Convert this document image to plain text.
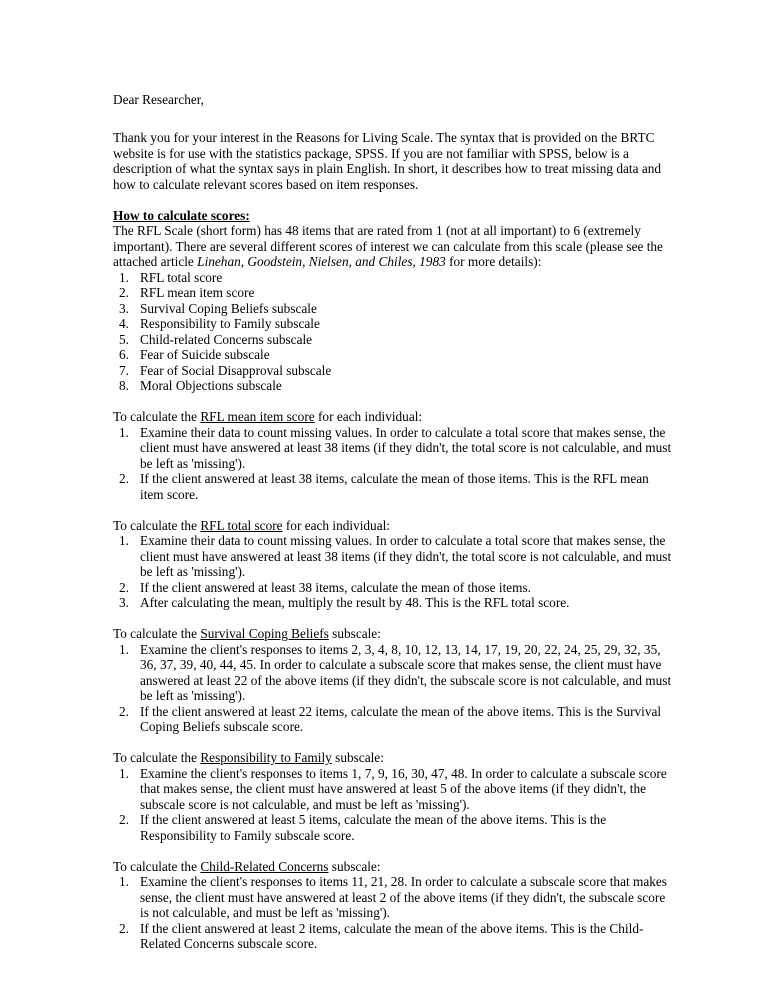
Dear Researcher,

Thank you for your interest in the Reasons for Living Scale. The syntax that is provided on the BRTC website is for use with the statistics package, SPSS. If you are not familiar with SPSS, below is a description of what the syntax says in plain English. In short, it describes how to treat missing data and how to calculate relevant scores based on item responses.

How to calculate scores:
The RFL Scale (short form) has 48 items that are rated from 1 (not at all important) to 6 (extremely important). There are several different scores of interest we can calculate from this scale (please see the attached article Linehan, Goodstein, Nielsen, and Chiles, 1983 for more details):
1. RFL total score
2. RFL mean item score
3. Survival Coping Beliefs subscale
4. Responsibility to Family subscale
5. Child-related Concerns subscale
6. Fear of Suicide subscale
7. Fear of Social Disapproval subscale
8. Moral Objections subscale
To calculate the RFL mean item score for each individual:
1. Examine their data to count missing values. In order to calculate a total score that makes sense, the client must have answered at least 38 items (if they didn't, the total score is not calculable, and must be left as 'missing').
2. If the client answered at least 38 items, calculate the mean of those items. This is the RFL mean item score.
To calculate the RFL total score for each individual:
1. Examine their data to count missing values. In order to calculate a total score that makes sense, the client must have answered at least 38 items (if they didn't, the total score is not calculable, and must be left as 'missing').
2. If the client answered at least 38 items, calculate the mean of those items.
3. After calculating the mean, multiply the result by 48. This is the RFL total score.
To calculate the Survival Coping Beliefs subscale:
1. Examine the client's responses to items 2, 3, 4, 8, 10, 12, 13, 14, 17, 19, 20, 22, 24, 25, 29, 32, 35, 36, 37, 39, 40, 44, 45. In order to calculate a subscale score that makes sense, the client must have answered at least 22 of the above items (if they didn't, the subscale score is not calculable, and must be left as 'missing').
2. If the client answered at least 22 items, calculate the mean of the above items. This is the Survival Coping Beliefs subscale score.
To calculate the Responsibility to Family subscale:
1. Examine the client's responses to items 1, 7, 9, 16, 30, 47, 48. In order to calculate a subscale score that makes sense, the client must have answered at least 5 of the above items (if they didn't, the subscale score is not calculable, and must be left as 'missing').
2. If the client answered at least 5 items, calculate the mean of the above items. This is the Responsibility to Family subscale score.
To calculate the Child-Related Concerns subscale:
1. Examine the client's responses to items 11, 21, 28. In order to calculate a subscale score that makes sense, the client must have answered at least 2 of the above items (if they didn't, the subscale score is not calculable, and must be left as 'missing').
2. If the client answered at least 2 items, calculate the mean of the above items. This is the Child-Related Concerns subscale score.
